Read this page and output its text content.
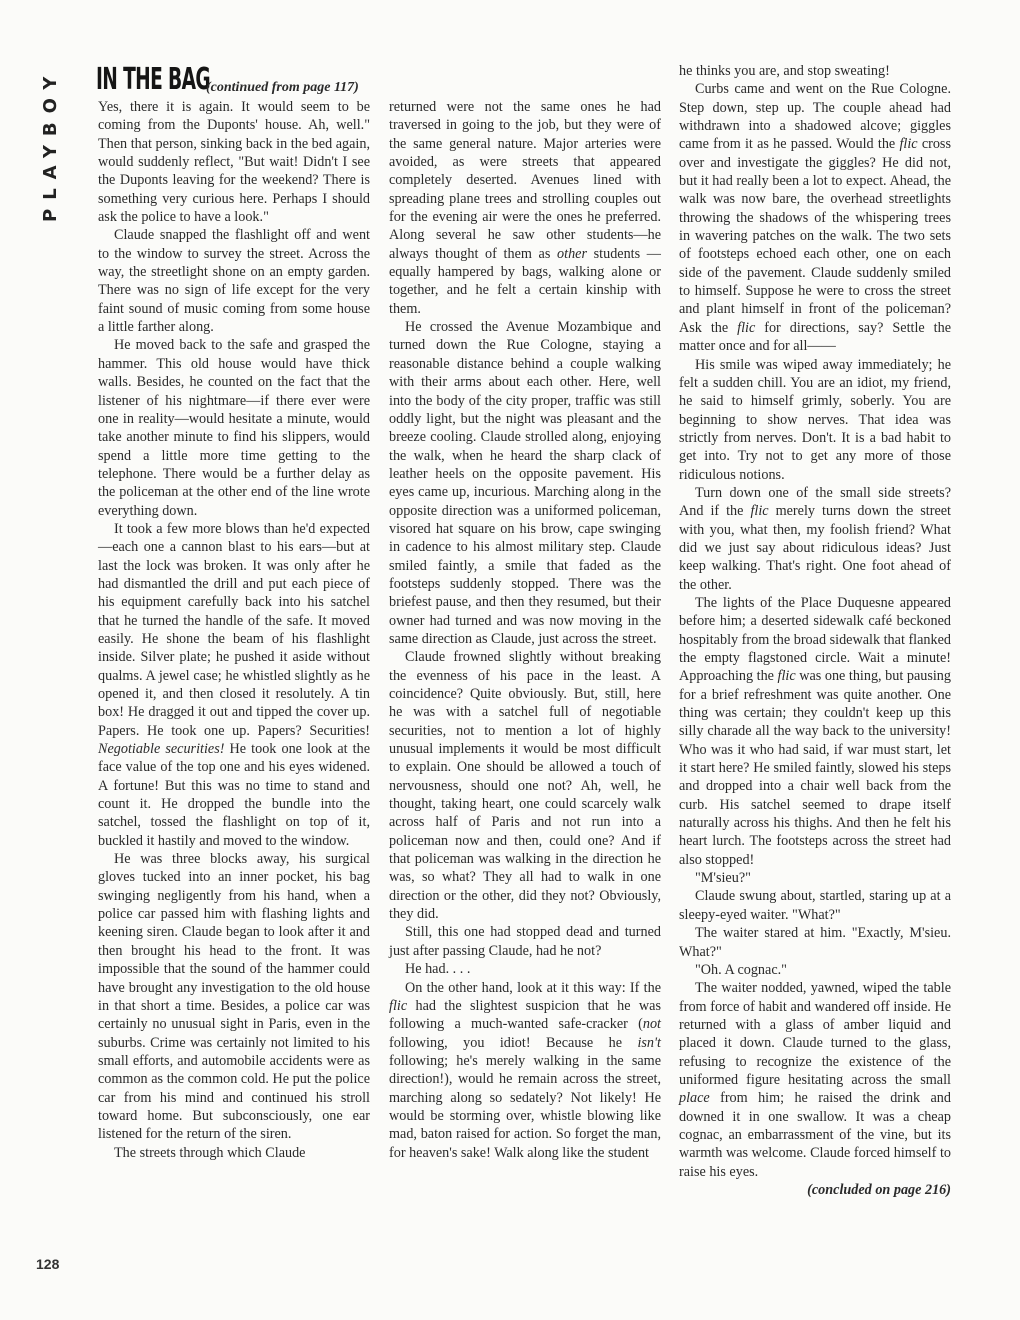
PLAYBOY IN THE BAG
(continued from page 117)

Yes, there it is again. It would seem to be coming from the Duponts' house. Ah, well." Then that person, sinking back in the bed again, would suddenly reflect, "But wait! Didn't I see the Duponts leaving for the weekend? There is something very curious here. Perhaps I should ask the police to have a look."

Claude snapped the flashlight off and went to the window to survey the street. Across the way, the streetlight shone on an empty garden. There was no sign of life except for the very faint sound of music coming from some house a little farther along.

He moved back to the safe and grasped the hammer. This old house would have thick walls. Besides, he counted on the fact that the listener of his nightmare—if there ever were one in reality—would hesitate a minute, would take another minute to find his slippers, would spend a little more time getting to the telephone. There would be a further delay as the policeman at the other end of the line wrote everything down.

It took a few more blows than he'd expected—each one a cannon blast to his ears—but at last the lock was broken. It was only after he had dismantled the drill and put each piece of his equipment carefully back into his satchel that he turned the handle of the safe. It moved easily. He shone the beam of his flashlight inside. Silver plate; he pushed it aside without qualms. A jewel case; he whistled slightly as he opened it, and then closed it resolutely. A tin box! He dragged it out and tipped the cover up. Papers. He took one up. Papers? Securities! Negotiable securities! He took one look at the face value of the top one and his eyes widened. A fortune! But this was no time to stand and count it. He dropped the bundle into the satchel, tossed the flashlight on top of it, buckled it hastily and moved to the window.

He was three blocks away, his surgical gloves tucked into an inner pocket, his bag swinging negligently from his hand, when a police car passed him with flashing lights and keening siren. Claude began to look after it and then brought his head to the front. It was impossible that the sound of the hammer could have brought any investigation to the old house in that short a time. Besides, a police car was certainly no unusual sight in Paris, even in the suburbs. Crime was certainly not limited to his small efforts, and automobile accidents were as common as the common cold. He put the police car from his mind and continued his stroll toward home. But subconsciously, one ear listened for the return of the siren.

The streets through which Claude

returned were not the same ones he had traversed in going to the job, but they were of the same general nature. Major arteries were avoided, as were streets that appeared completely deserted. Avenues lined with spreading plane trees and strolling couples out for the evening air were the ones he preferred. Along several he saw other students—he always thought of them as other students —equally hampered by bags, walking alone or together, and he felt a certain kinship with them.

He crossed the Avenue Mozambique and turned down the Rue Cologne, staying a reasonable distance behind a couple walking with their arms about each other. Here, well into the body of the city proper, traffic was still oddly light, but the night was pleasant and the breeze cooling. Claude strolled along, enjoying the walk, when he heard the sharp clack of leather heels on the opposite pavement. His eyes came up, incurious. Marching along in the opposite direction was a uniformed policeman, visored hat square on his brow, cape swinging in cadence to his almost military step. Claude smiled faintly, a smile that faded as the footsteps suddenly stopped. There was the briefest pause, and then they resumed, but their owner had turned and was now moving in the same direction as Claude, just across the street.

Claude frowned slightly without breaking the evenness of his pace in the least. A coincidence? Quite obviously. But, still, here he was with a satchel full of negotiable securities, not to mention a lot of highly unusual implements it would be most difficult to explain. One should be allowed a touch of nervousness, should one not? Ah, well, he thought, taking heart, one could scarcely walk across half of Paris and not run into a policeman now and then, could one? And if that policeman was walking in the direction he was, so what? They all had to walk in one direction or the other, did they not? Obviously, they did.

Still, this one had stopped dead and turned just after passing Claude, had he not?

He had. . . .

On the other hand, look at it this way: If the flic had the slightest suspicion that he was following a much-wanted safe-cracker (not following, you idiot! Because he isn't following; he's merely walking in the same direction!), would he remain across the street, marching along so sedately? Not likely! He would be storming over, whistle blowing like mad, baton raised for action. So forget the man, for heaven's sake! Walk along like the student

he thinks you are, and stop sweating!

Curbs came and went on the Rue Cologne. Step down, step up. The couple ahead had withdrawn into a shadowed alcove; giggles came from it as he passed. Would the flic cross over and investigate the giggles? He did not, but it had really been a lot to expect. Ahead, the walk was now bare, the overhead streetlights throwing the shadows of the whispering trees in wavering patches on the walk. The two sets of footsteps echoed each other, one on each side of the pavement. Claude suddenly smiled to himself. Suppose he were to cross the street and plant himself in front of the policeman? Ask the flic for directions, say? Settle the matter once and for all——

His smile was wiped away immediately; he felt a sudden chill. You are an idiot, my friend, he said to himself grimly, soberly. You are beginning to show nerves. That idea was strictly from nerves. Don't. It is a bad habit to get into. Try not to get any more of those ridiculous notions.

Turn down one of the small side streets? And if the flic merely turns down the street with you, what then, my foolish friend? What did we just say about ridiculous ideas? Just keep walking. That's right. One foot ahead of the other.

The lights of the Place Duquesne appeared before him; a deserted sidewalk café beckoned hospitably from the broad sidewalk that flanked the empty flagstoned circle. Wait a minute! Approaching the flic was one thing, but pausing for a brief refreshment was quite another. One thing was certain; they couldn't keep up this silly charade all the way back to the university! Who was it who had said, if war must start, let it start here? He smiled faintly, slowed his steps and dropped into a chair well back from the curb. His satchel seemed to drape itself naturally across his thighs. And then he felt his heart lurch. The footsteps across the street had also stopped!

"M'sieu?"

Claude swung about, startled, staring up at a sleepy-eyed waiter. "What?"

The waiter stared at him. "Exactly, M'sieu. What?"

"Oh. A cognac."

The waiter nodded, yawned, wiped the table from force of habit and wandered off inside. He returned with a glass of amber liquid and placed it down. Claude turned to the glass, refusing to recognize the existence of the uniformed figure hesitating across the small place from him; he raised the drink and downed it in one swallow. It was a cheap cognac, an embarrassment of the vine, but its warmth was welcome. Claude forced himself to raise his eyes.

(concluded on page 216)

128
